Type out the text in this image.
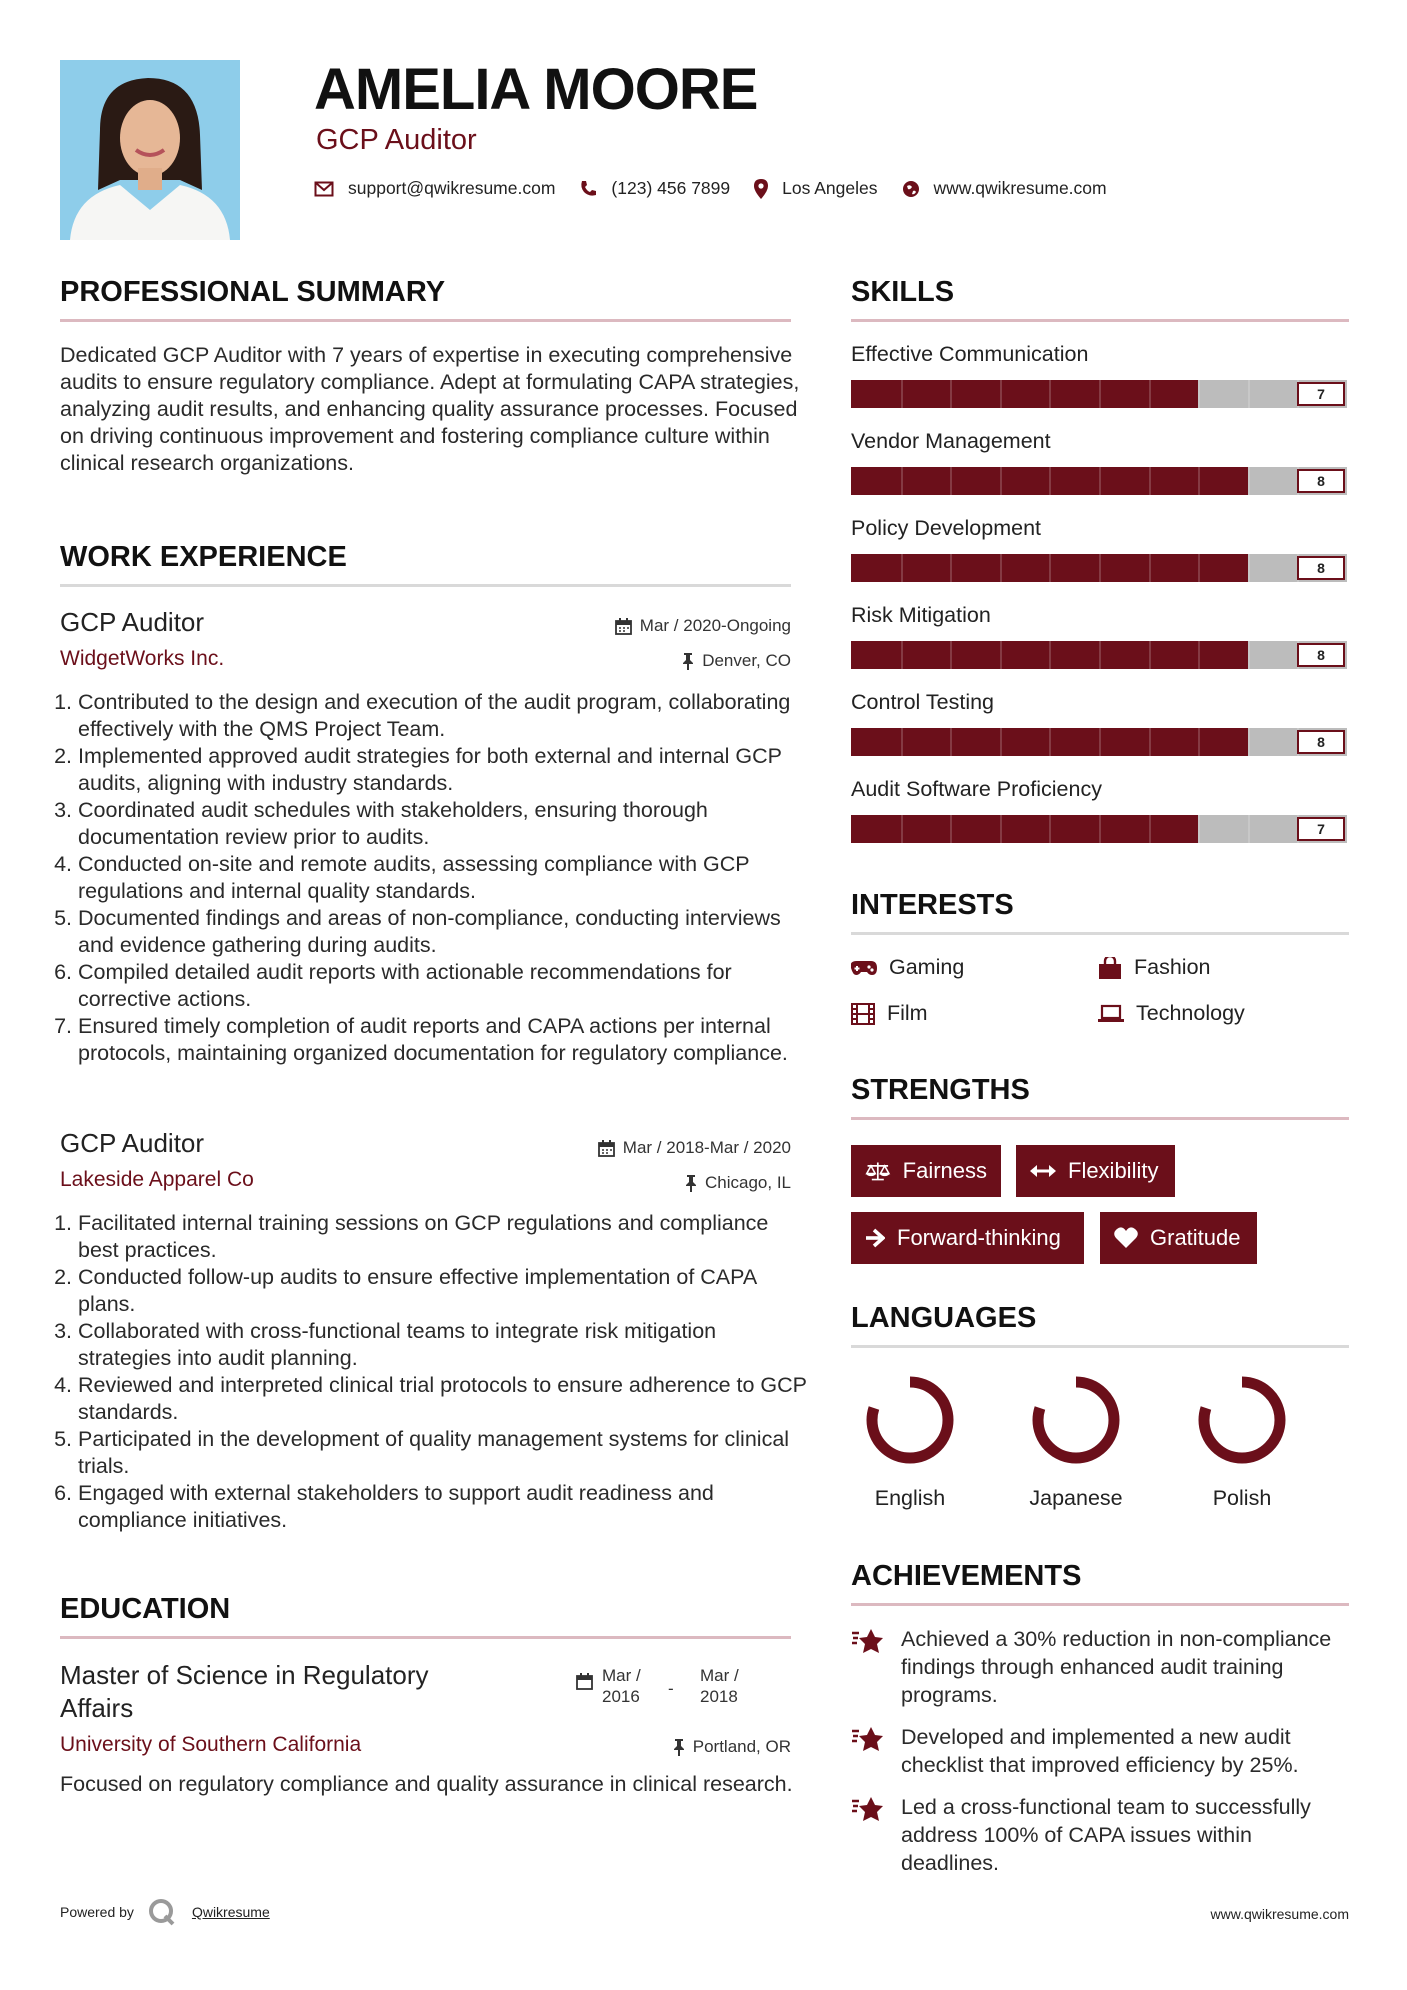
AMELIA MOORE
GCP Auditor
support@qwikresume.com	(123) 456 7899	Los Angeles	www.qwikresume.com
PROFESSIONAL SUMMARY

Dedicated GCP Auditor with 7 years of expertise in executing comprehensive audits to ensure regulatory compliance. Adept at formulating CAPA strategies, analyzing audit results, and enhancing quality assurance processes. Focused on driving continuous improvement and fostering compliance culture within clinical research organizations.

WORK EXPERIENCE
GCP Auditor	Mar / 2020-Ongoing
WidgetWorks Inc.	Denver, CO
1. Contributed to the design and execution of the audit program, collaborating effectively with the QMS Project Team.
2. Implemented approved audit strategies for both external and internal GCP audits, aligning with industry standards.
3. Coordinated audit schedules with stakeholders, ensuring thorough documentation review prior to audits.
4. Conducted on-site and remote audits, assessing compliance with GCP regulations and internal quality standards.
5. Documented findings and areas of non-compliance, conducting interviews and evidence gathering during audits.
6. Compiled detailed audit reports with actionable recommendations for corrective actions.
7. Ensured timely completion of audit reports and CAPA actions per internal protocols, maintaining organized documentation for regulatory compliance.
GCP Auditor	Mar / 2018-Mar / 2020
Lakeside Apparel Co	Chicago, IL
1. Facilitated internal training sessions on GCP regulations and compliance best practices.
2. Conducted follow-up audits to ensure effective implementation of CAPA plans.
3. Collaborated with cross-functional teams to integrate risk mitigation strategies into audit planning.
4. Reviewed and interpreted clinical trial protocols to ensure adherence to GCP standards.
5. Participated in the development of quality management systems for clinical trials.
6. Engaged with external stakeholders to support audit readiness and compliance initiatives.
EDUCATION
Master of Science in Regulatory Affairs
Mar /
2016 -
Mar /
2018
University of Southern California	Portland, OR

Focused on regulatory compliance and quality assurance in clinical research.

SKILLS
Effective Communication
7
Vendor Management
8
Policy Development
8
Risk Mitigation
8
Control Testing
8
Audit Software Proficiency
7
INTERESTS
Gaming	Fashion
Film	Technology
STRENGTHS
Fairness	Flexibility
Forward-thinking	Gratitude
LANGUAGES
English	Japanese	Polish
ACHIEVEMENTS
Achieved a 30% reduction in non-compliance findings through enhanced audit training programs.
Developed and implemented a new audit checklist that improved efficiency by 25%.
Led a cross-functional team to successfully address 100% of CAPA issues within deadlines.
Powered by	Qwikresume	www.qwikresume.com
